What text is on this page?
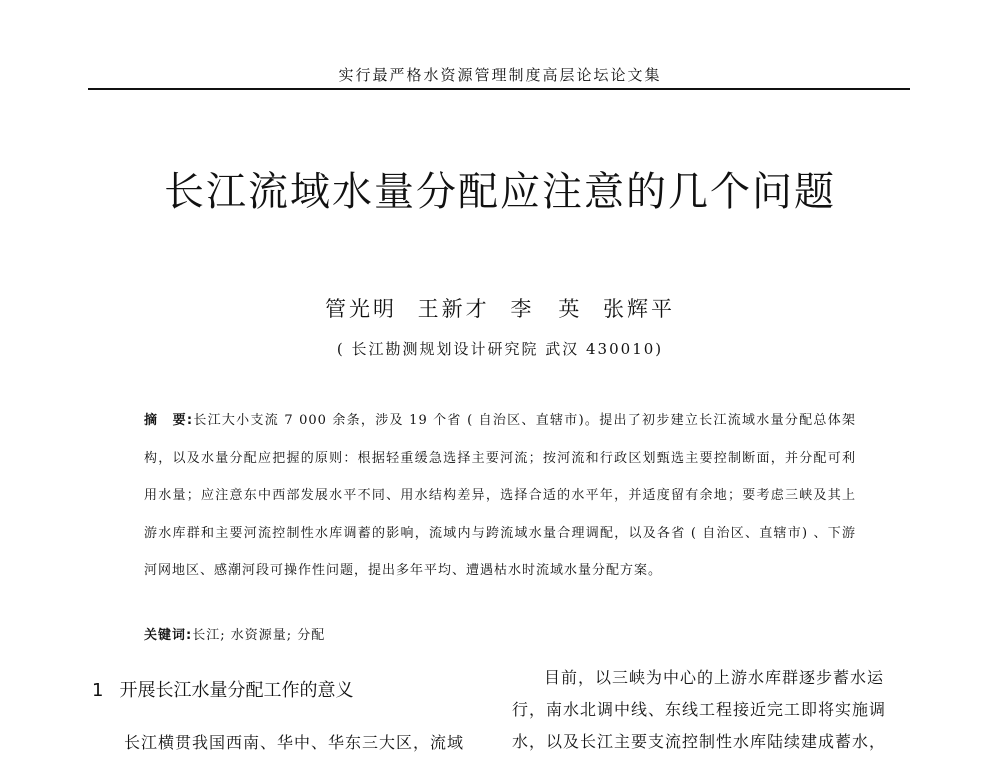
实行最严格水资源管理制度高层论坛论文集
长江流域水量分配应注意的几个问题
管光明 王新才 李　英 张辉平
( 长江勘测规划设计研究院 武汉 430010)
摘　要:长江大小支流 7 000 余条，涉及 19 个省 ( 自治区、直辖市)。提出了初步建立长江流域水量分配总体架构，以及水量分配应把握的原则：根据轻重缓急选择主要河流；按河流和行政区划甄选主要控制断面，并分配可利用水量；应注意东中西部发展水平不同、用水结构差异，选择合适的水平年，并适度留有余地；要考虑三峡及其上游水库群和主要河流控制性水库调蓄的影响，流域内与跨流域水量合理调配，以及各省 ( 自治区、直辖市) 、下游河网地区、感潮河段可操作性问题，提出多年平均、遭遇枯水时流域水量分配方案。
关键词:长江; 水资源量; 分配
1 开展长江水量分配工作的意义
长江横贯我国西南、华中、华东三大区，流域

目前，以三峡为中心的上游水库群逐步蓄水运行，南水北调中线、东线工程接近完工即将实施调水，以及长江主要支流控制性水库陆续建成蓄水，
